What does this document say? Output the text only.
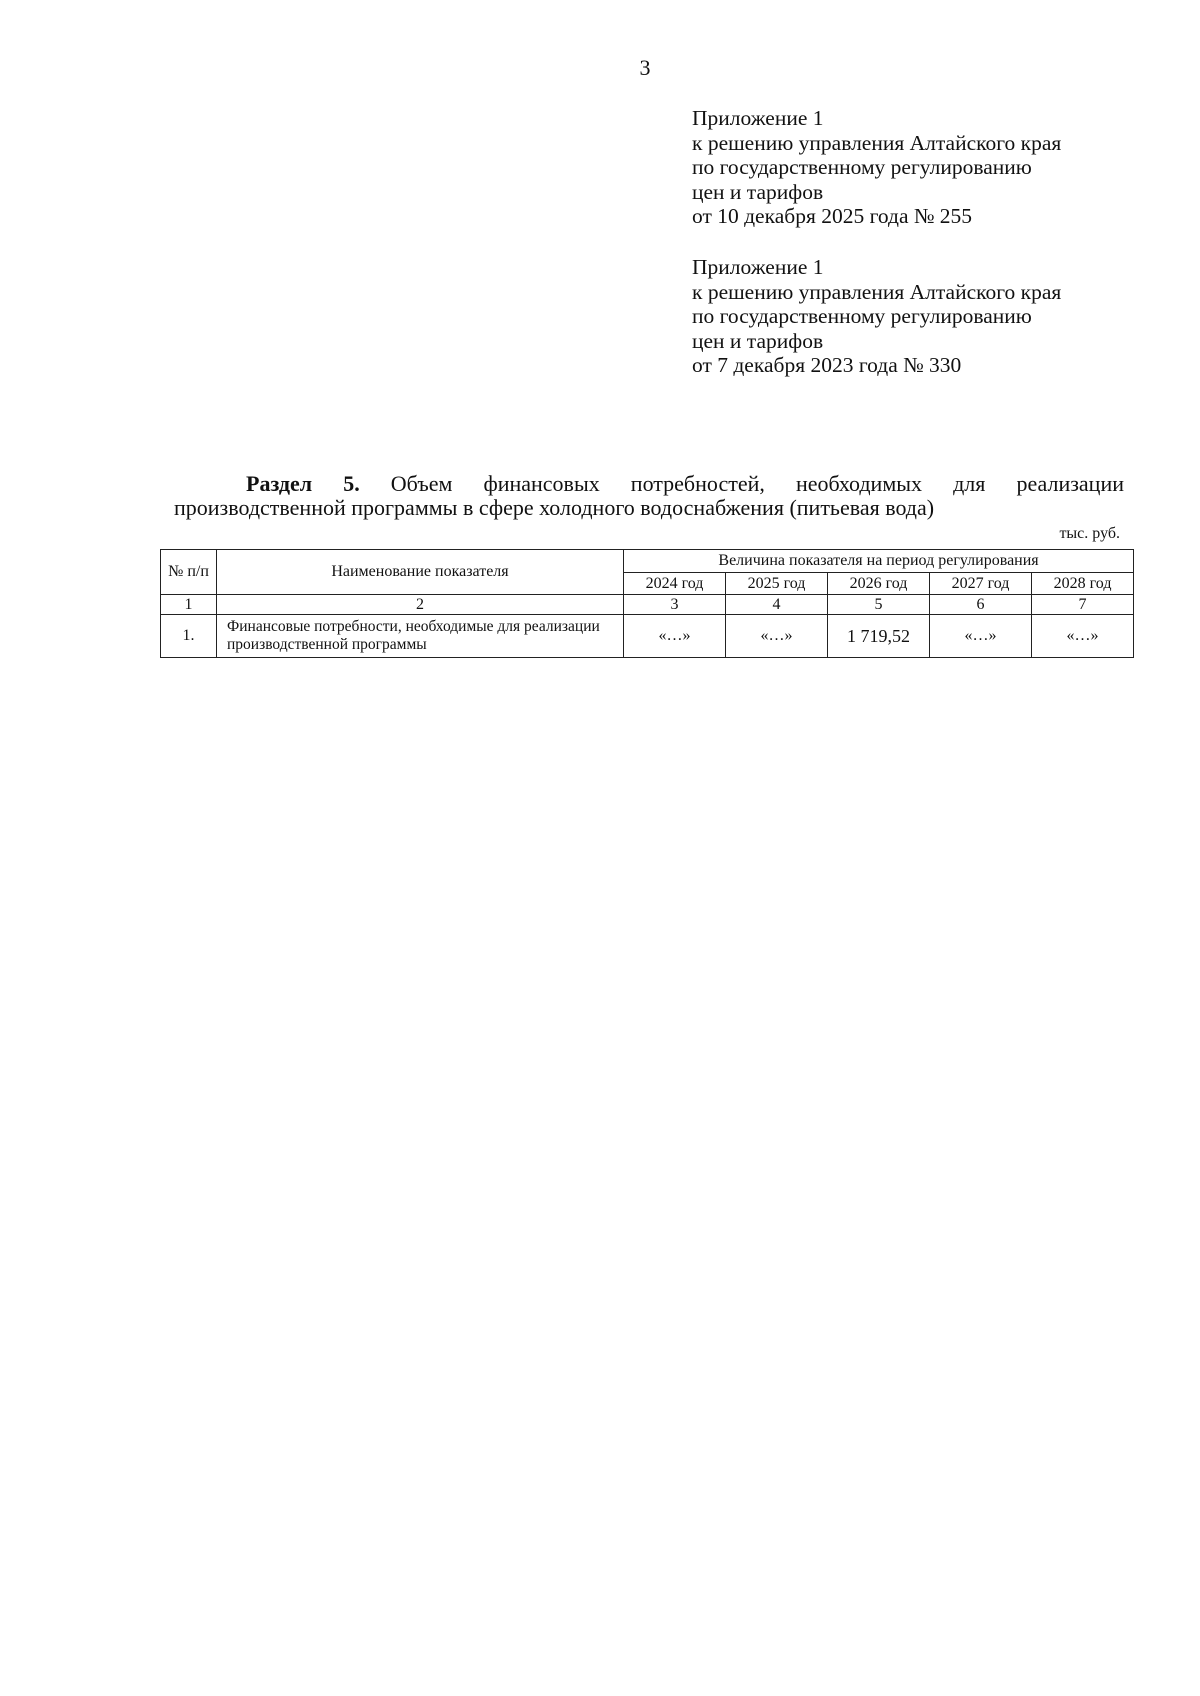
3
Приложение 1
к решению управления Алтайского края
по государственному регулированию
цен и тарифов
от 10 декабря 2025 года № 255
Приложение 1
к решению управления Алтайского края
по государственному регулированию
цен и тарифов
от 7 декабря 2023 года № 330
Раздел 5. Объем финансовых потребностей, необходимых для реализации
производственной программы в сфере холодного водоснабжения (питьевая вода)
тыс. руб.
№ п/п	Наименование показателя	Величина показателя на период регулирования				
		2024 год	2025 год	2026 год	2027 год	2028 год
1	2	3	4	5	6	7
1.	Финансовые потребности, необходимые для реализации производственной программы	«…»	«…»	1 719,52	«…»	«…»
